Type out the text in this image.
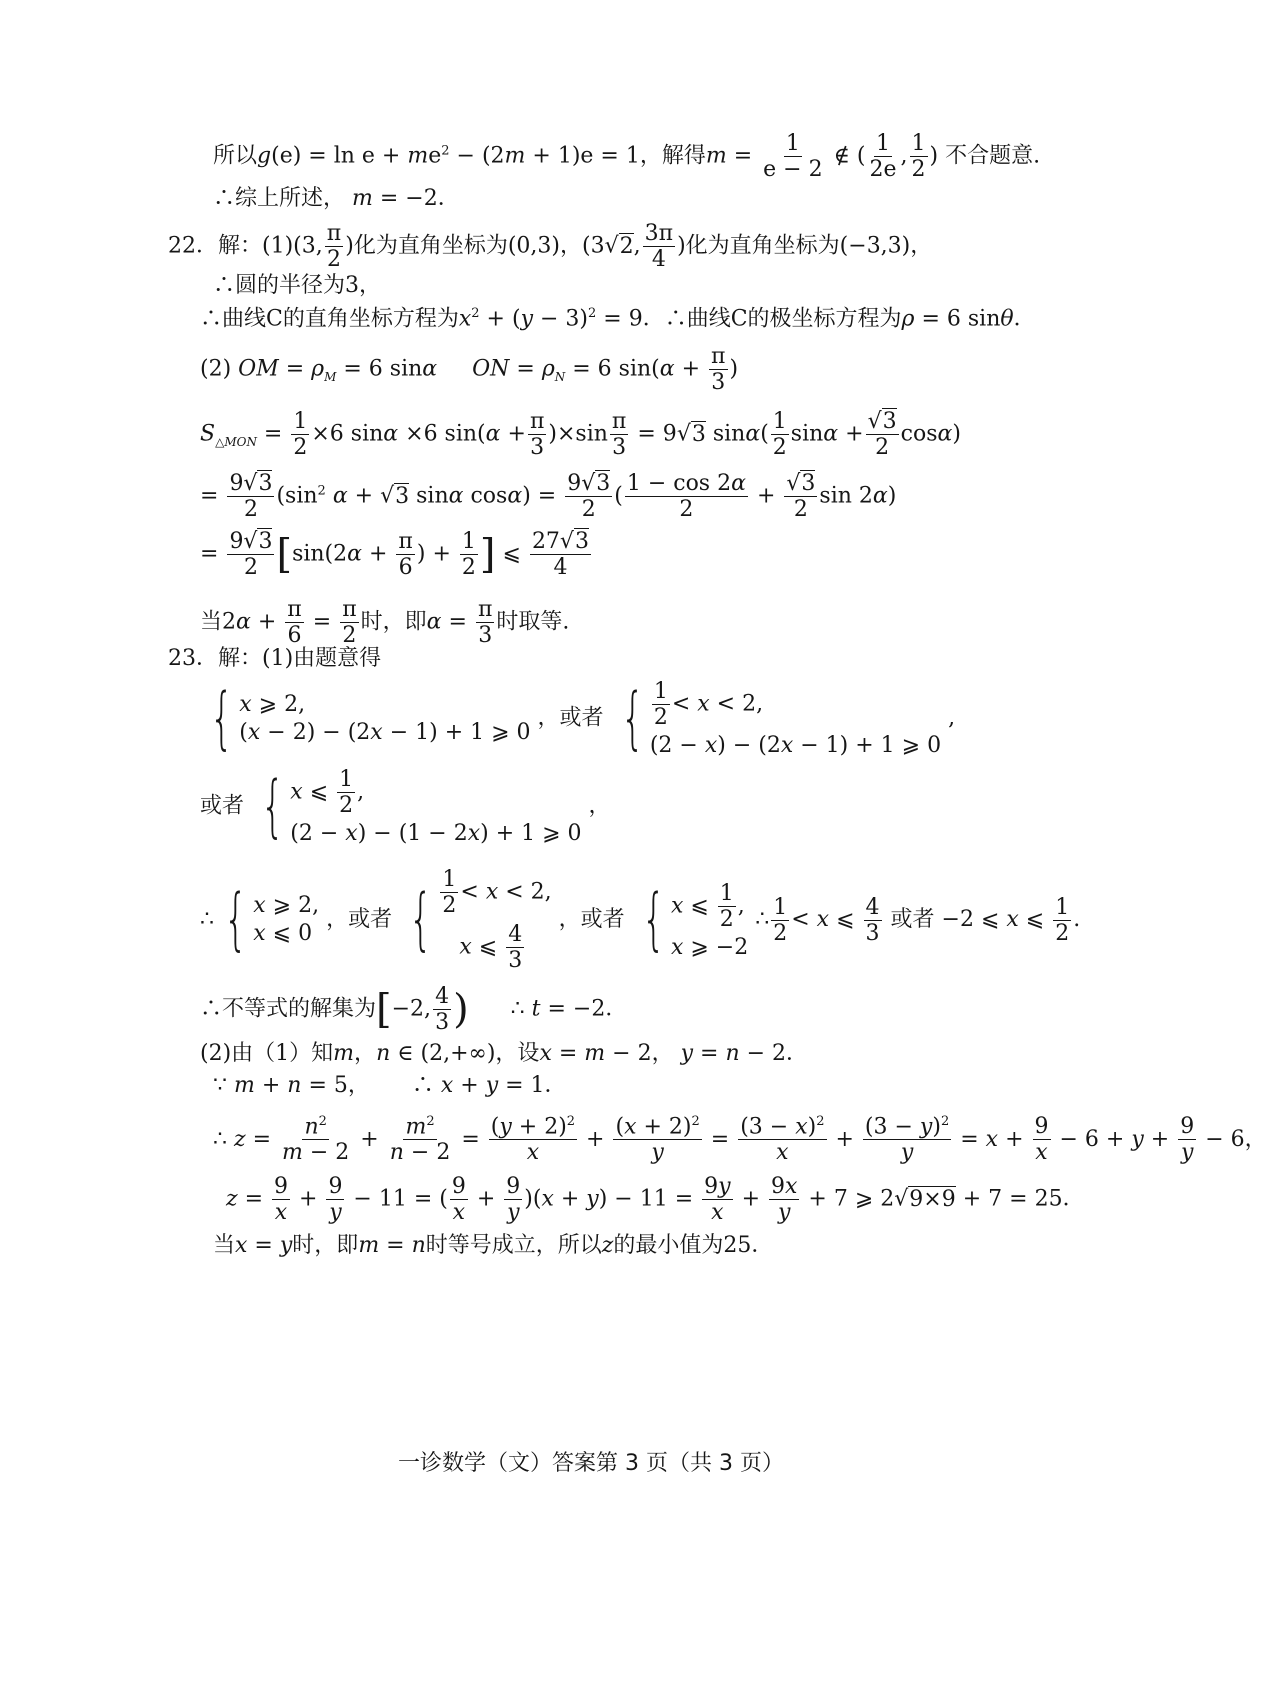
所以$g(e) = \ln e + me^2 - (2m + 1)e = 1$，解得$m = \frac{1}{e - 2}$ ∉ ( $\frac{1}{2e}$ , $\frac{1}{2}$ ) 不合题意.
∴综上所述， m = −2．
22．解：(1)(3, $\frac{\pi}{2}$ )化为直角坐标为(0,3)，(3√2, $\frac{3\pi}{4}$ )化为直角坐标为(−3,3)，
∴圆的半径为3，
∴曲线C的直角坐标方程为$x^2 + (y - 3)^2 = 9$．∴曲线C的极坐标方程为ρ = 6 sinθ．
(2) OM = $\rho_M = 6$ sinα ON = $\rho_N = 6$ $\sin(\alpha + \frac{\pi}{3}$ )
$S_{\triangle MON} = \frac{1}{2} \times 6$ sinα ×6 $\sin(\alpha + \frac{\pi}{3} )\times\sin \frac{\pi}{3} = 9√3$ $\sin\alpha( \frac{1}{2}$ $\sin\alpha + \frac{√3}{2} \cos\alpha$)
= $\frac{9√3}{2} (\sin^2$ α + √3 sinα $\cos\alpha) = \frac{9√3}{2}$ ( $\frac{1 - \cos 2\alpha}{2} + \frac{√3}{2}$ sin 2α)
= $\frac{9√3}{2} [\sin(2\alpha + \frac{\pi}{6}$ ) + $\frac{1}{2}$ ] ⩽ $\frac{27√3}{4}$
当$2\alpha + \frac{\pi}{6} = \frac{\pi}{2}$ 时，即$\alpha = \frac{\pi}{3}$ 时取等.
23．解：(1)由题意得
{ x ⩾ 2,
(x − 2) − (2x − 1) + 1 ⩾ 0
，或者 { $\frac{1}{2} < x < 2$,
(2 − x) − (2x − 1) + 1 ⩾ 0
,
或者 { x ⩽ $\frac{1}{2}$ ,
(2 − x) − (1 − 2x) + 1 ⩾ 0
，
∴ { x ⩾ 2,
x ⩽ 0
，或者 { $\frac{1}{2} < x < 2$,
x ⩽ $\frac{4}{3}$
，或者 { x ⩽ $\frac{1}{2}$ ,
x ⩾ −2
∴ $\frac{1}{2} < x$ ⩽ $\frac{4}{3}$ 或者 −2 ⩽ x ⩽ $\frac{1}{2}$ .
∴不等式的解集为[−2, $\frac{4}{3}$ )      ∴ t = −2．
(2)由（1）知m，n ∈ (2,+∞)，设x = m − 2， y = n − 2．
∵ m + n = 5，      ∴ x + y = 1．
∴ $z = \frac{n^2}{m - 2} + \frac{m^2}{n - 2} = \frac{(y + 2)^2}{x} + \frac{(x + 2)^2}{y} = \frac{(3 - x)^2}{x} + \frac{(3 - y)^2}{y} = x + \frac{9}{x} - 6 + y + \frac{9}{y} - 6$，
$z = \frac{9}{x} + \frac{9}{y} - 11$ = ( $\frac{9}{x} + \frac{9}{y} )(x + y) - 11 = \frac{9y}{x} + \frac{9x}{y} + 7$ ⩾ 2√9×9 + 7 = 25．
当x = y时，即m = n时等号成立，所以z的最小值为25．
一诊数学（文）答案第 3 页（共 3 页）
